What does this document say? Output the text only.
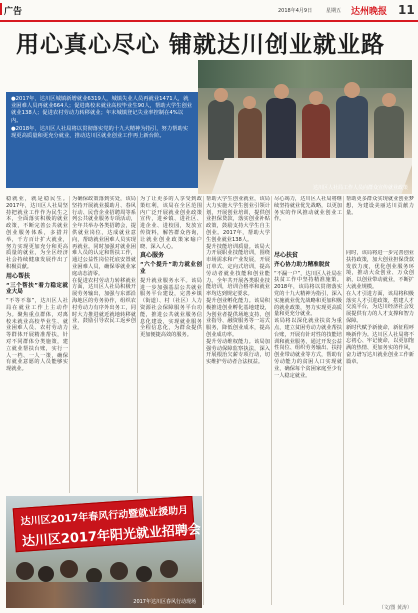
广告	2018年4月9日	星期五 达州晚报 11
用心真心尽心 铺就达川创业就业路

●2017年，达川区城镇新增就业6319人，城镇失业人员再就业1471人，就业困难人员再就业664人；促进离校未就业高校毕业生90人，帮助大学生创业就业138人；促进农村劳动力转移就业；年末城镇登记失业率控制在4%以内。

●2018年，达川区人社局将以贯彻落实党的十九大精神为指引，努力帮助实现更高质量和更充分就业，推动达川区就业创业工作再上新台阶。

达川区人社局工作人员向群众宣传就业政策
稳就业，就是稳民生。2017年，达川区人社局坚持把就业工作作为民生之本，全面落实积极的就业政策，不断完善公共就业创业服务体系，多措并举，千方百计扩大就业，努力实现更加充分和更高质量的就业，为全区经济社会持续健康发展作出了积极贡献。
用心帮扶
“三个帮扶”着力稳定就业大局
“不等不靠”，达川区人社局在就业工作上主动作为。聚焦重点群体，对离校未就业高校毕业生、就业困难人员、农村劳动力等群体开展精准帮扶，针对不同群体分类施策，建立就业帮扶台账，实行一人一档、一人一策，确保有就业意愿的人员能够实现就业。
为确保政策落到实处，该局坚持开展就业援助月、春风行动、民营企业招聘周等系列公共就业服务专项活动，全年共举办各类招聘会，提供就业岗位，达成就业意向，帮助就业困难人员实现再就业。同时加强对就业困难人员的认定和帮扶工作，通过公益性岗位托底安置就业困难人员，确保零就业家庭动态清零。
在促进农村劳动力转移就业方面，达川区人社局积极开展劳务输出，加强与东部沿海地区的劳务协作，组织农村劳动力有序外出务工，同时大力推进就近就地转移就业，鼓励引导农民工返乡创业。
为了让更多的人享受到政策红利，该局在全区范围内广泛开展就业创业政策宣传，进乡镇、进社区、进企业、进校园，发放宣传资料，解答群众咨询，让就业创业政策家喻户晓、深入人心。
真心服务
“六个提升”助力就业创业
提升就业服务水平。该局进一步加强基层公共就业服务平台建设，完善乡镇（街道）、村（社区）人力资源社会保障服务平台功能，推进公共就业服务信息化建设，实现就业服务全程信息化，为群众提供更加便捷高效的服务。
帮助大学生创业就业，该局大力实施大学生创业引领计划，开展创业培训，提供创业担保贷款，落实创业补贴政策，鼓励支持大学生自主创业。2017年，帮助大学生创业就业138人。
提升技能培训质量。该局大力开展职业技能培训，围绕市场需求和产业发展，开展订单式、定向式培训，提高劳动者就业技能和创业能力。全年共开展各类职业技能培训，培训合格率和就业率均达到规定要求。
提升创业孵化能力。该局积极推进创业孵化基地建设，为创业者提供场地支持、创业指导、融资服务等一站式服务，降低创业成本，提高创业成功率。
提升劳动维权能力。该局加强劳动保障监察执法，深入开展根治欠薪专项行动，切实维护劳动者合法权益。
尽心竭力，达川区人社局将继续坚持就业优先战略，以更加务实的作风推动就业创业工作。
帮助更多群众实现就业创业梦想，为建设美丽达川贡献力量。
尽心扶贫
齐心协力助力精准脱贫
“不漏一户”，达川区人社局在扶贫工作中坚持精准施策。2018年，该局将以贯彻落实党的十九大精神为指引，深入实施就业优先战略和更加积极的就业政策，努力实现更高质量和更充分就业。
该局将以深化就业扶贫为重点，建立贫困劳动力就业帮扶台账，开展有针对性的技能培训和就业服务，通过开发公益性岗位、组织劳务输出、扶持创业带动就业等方式，帮助有劳动能力的贫困人口实现就业，确保每个贫困家庭至少有一人稳定就业。
同时，该局将进一步完善创业扶持政策，加大创业担保贷款发放力度，优化创业服务环境，推动大众创业、万众创新，以创业带动就业，不断扩大就业规模。
在人才引进方面，该局将积极落实人才引进政策，搭建人才交流平台，为达川经济社会发展提供有力的人才支撑和智力保障。
新时代赋予新使命，新征程呼唤新作为。达川区人社局将不忘初心、牢记使命，以更加饱满的热情、更加务实的作风，奋力谱写达川就业创业工作新篇章。
达川区2017年春风行动暨就业援助月
达川区2017年阳光就业招聘会
2017年达川区春风行动现场
（文/图 黄涛）
